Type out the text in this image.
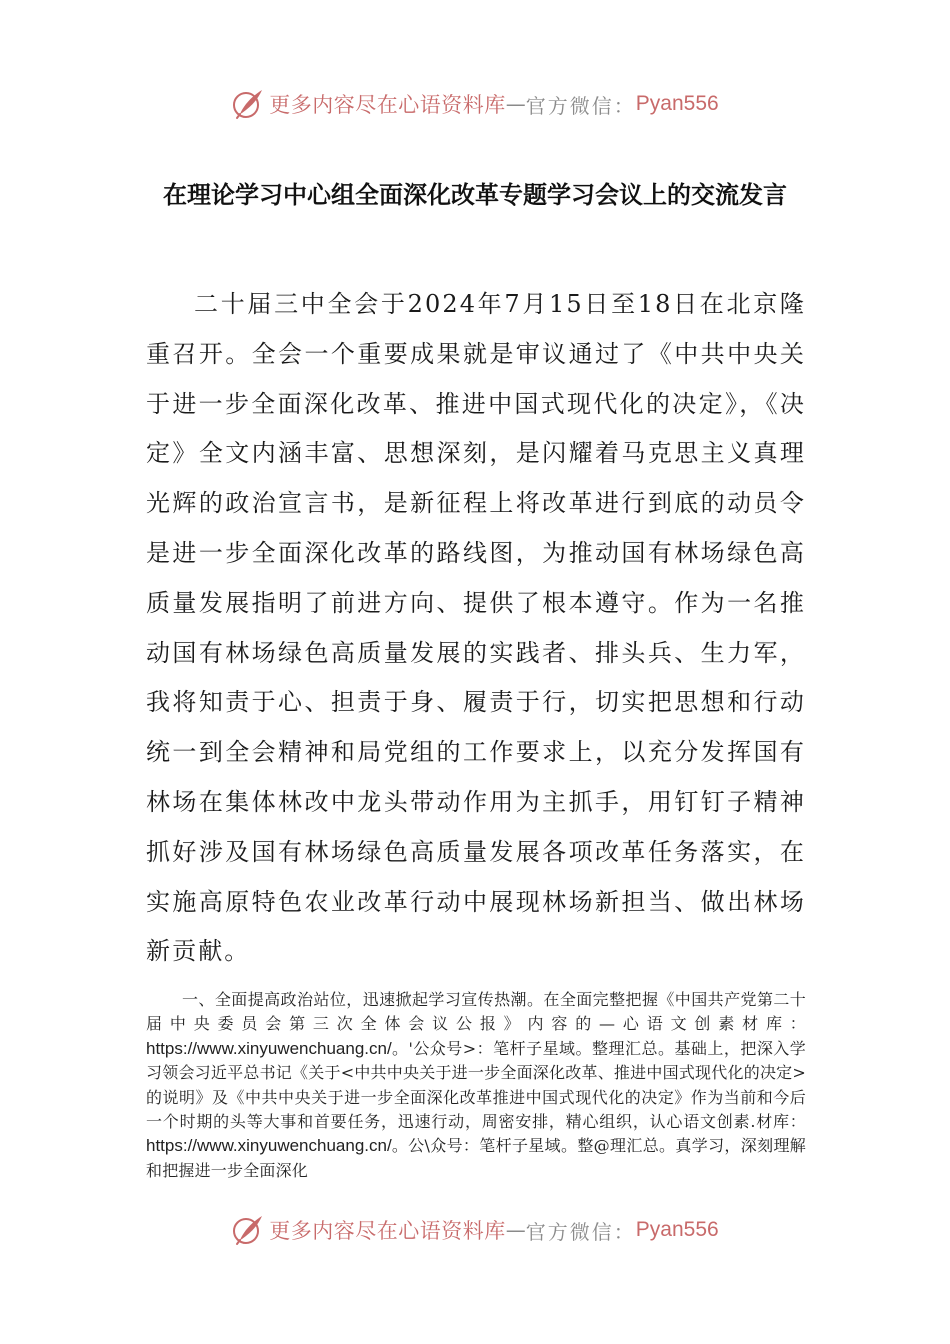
更多内容尽在心语资料库 — 官方微信： Pyan556
在理论学习中心组全面深化改革专题学习会议上的交流发言

二十届三中全会于2024年7月15日至18日在北京隆重召开。全会一个重要成果就是审议通过了《中共中央关于进一步全面深化改革、推进中国式现代化的决定》，《决定》全文内涵丰富、思想深刻，是闪耀着马克思主义真理光辉的政治宣言书，是新征程上将改革进行到底的动员令是进一步全面深化改革的路线图，为推动国有林场绿色高质量发展指明了前进方向、提供了根本遵守。作为一名推动国有林场绿色高质量发展的实践者、排头兵、生力军，我将知责于心、担责于身、履责于行，切实把思想和行动统一到全会精神和局党组的工作要求上，以充分发挥国有林场在集体林改中龙头带动作用为主抓手，用钉钉子精神抓好涉及国有林场绿色高质量发展各项改革任务落实，在实施高原特色农业改革行动中展现林场新担当、做出林场新贡献。

一、全面提高政治站位，迅速掀起学习宣传热潮。在全面完整把握《中国共产党第二十届中央委员会第三次全体会议公报》内容的—心语文创素材库：https://www.xinyuwenchuang.cn/。'公众号>：笔杆子星域。整理汇总。基础上，把深入学习领会习近平总书记《关于<中共中央关于进一步全面深化改革、推进中国式现代化的决定>的说明》及《中共中央关于进一步全面深化改革推进中国式现代化的决定》作为当前和今后一个时期的头等大事和首要任务，迅速行动，周密安排，精心组织，认心语文创素.材库：https://www.xinyuwenchuang.cn/。公\众号：笔杆子星域。整@理汇总。真学习，深刻理解和把握进一步全面深化

更多内容尽在心语资料库 — 官方微信： Pyan556
